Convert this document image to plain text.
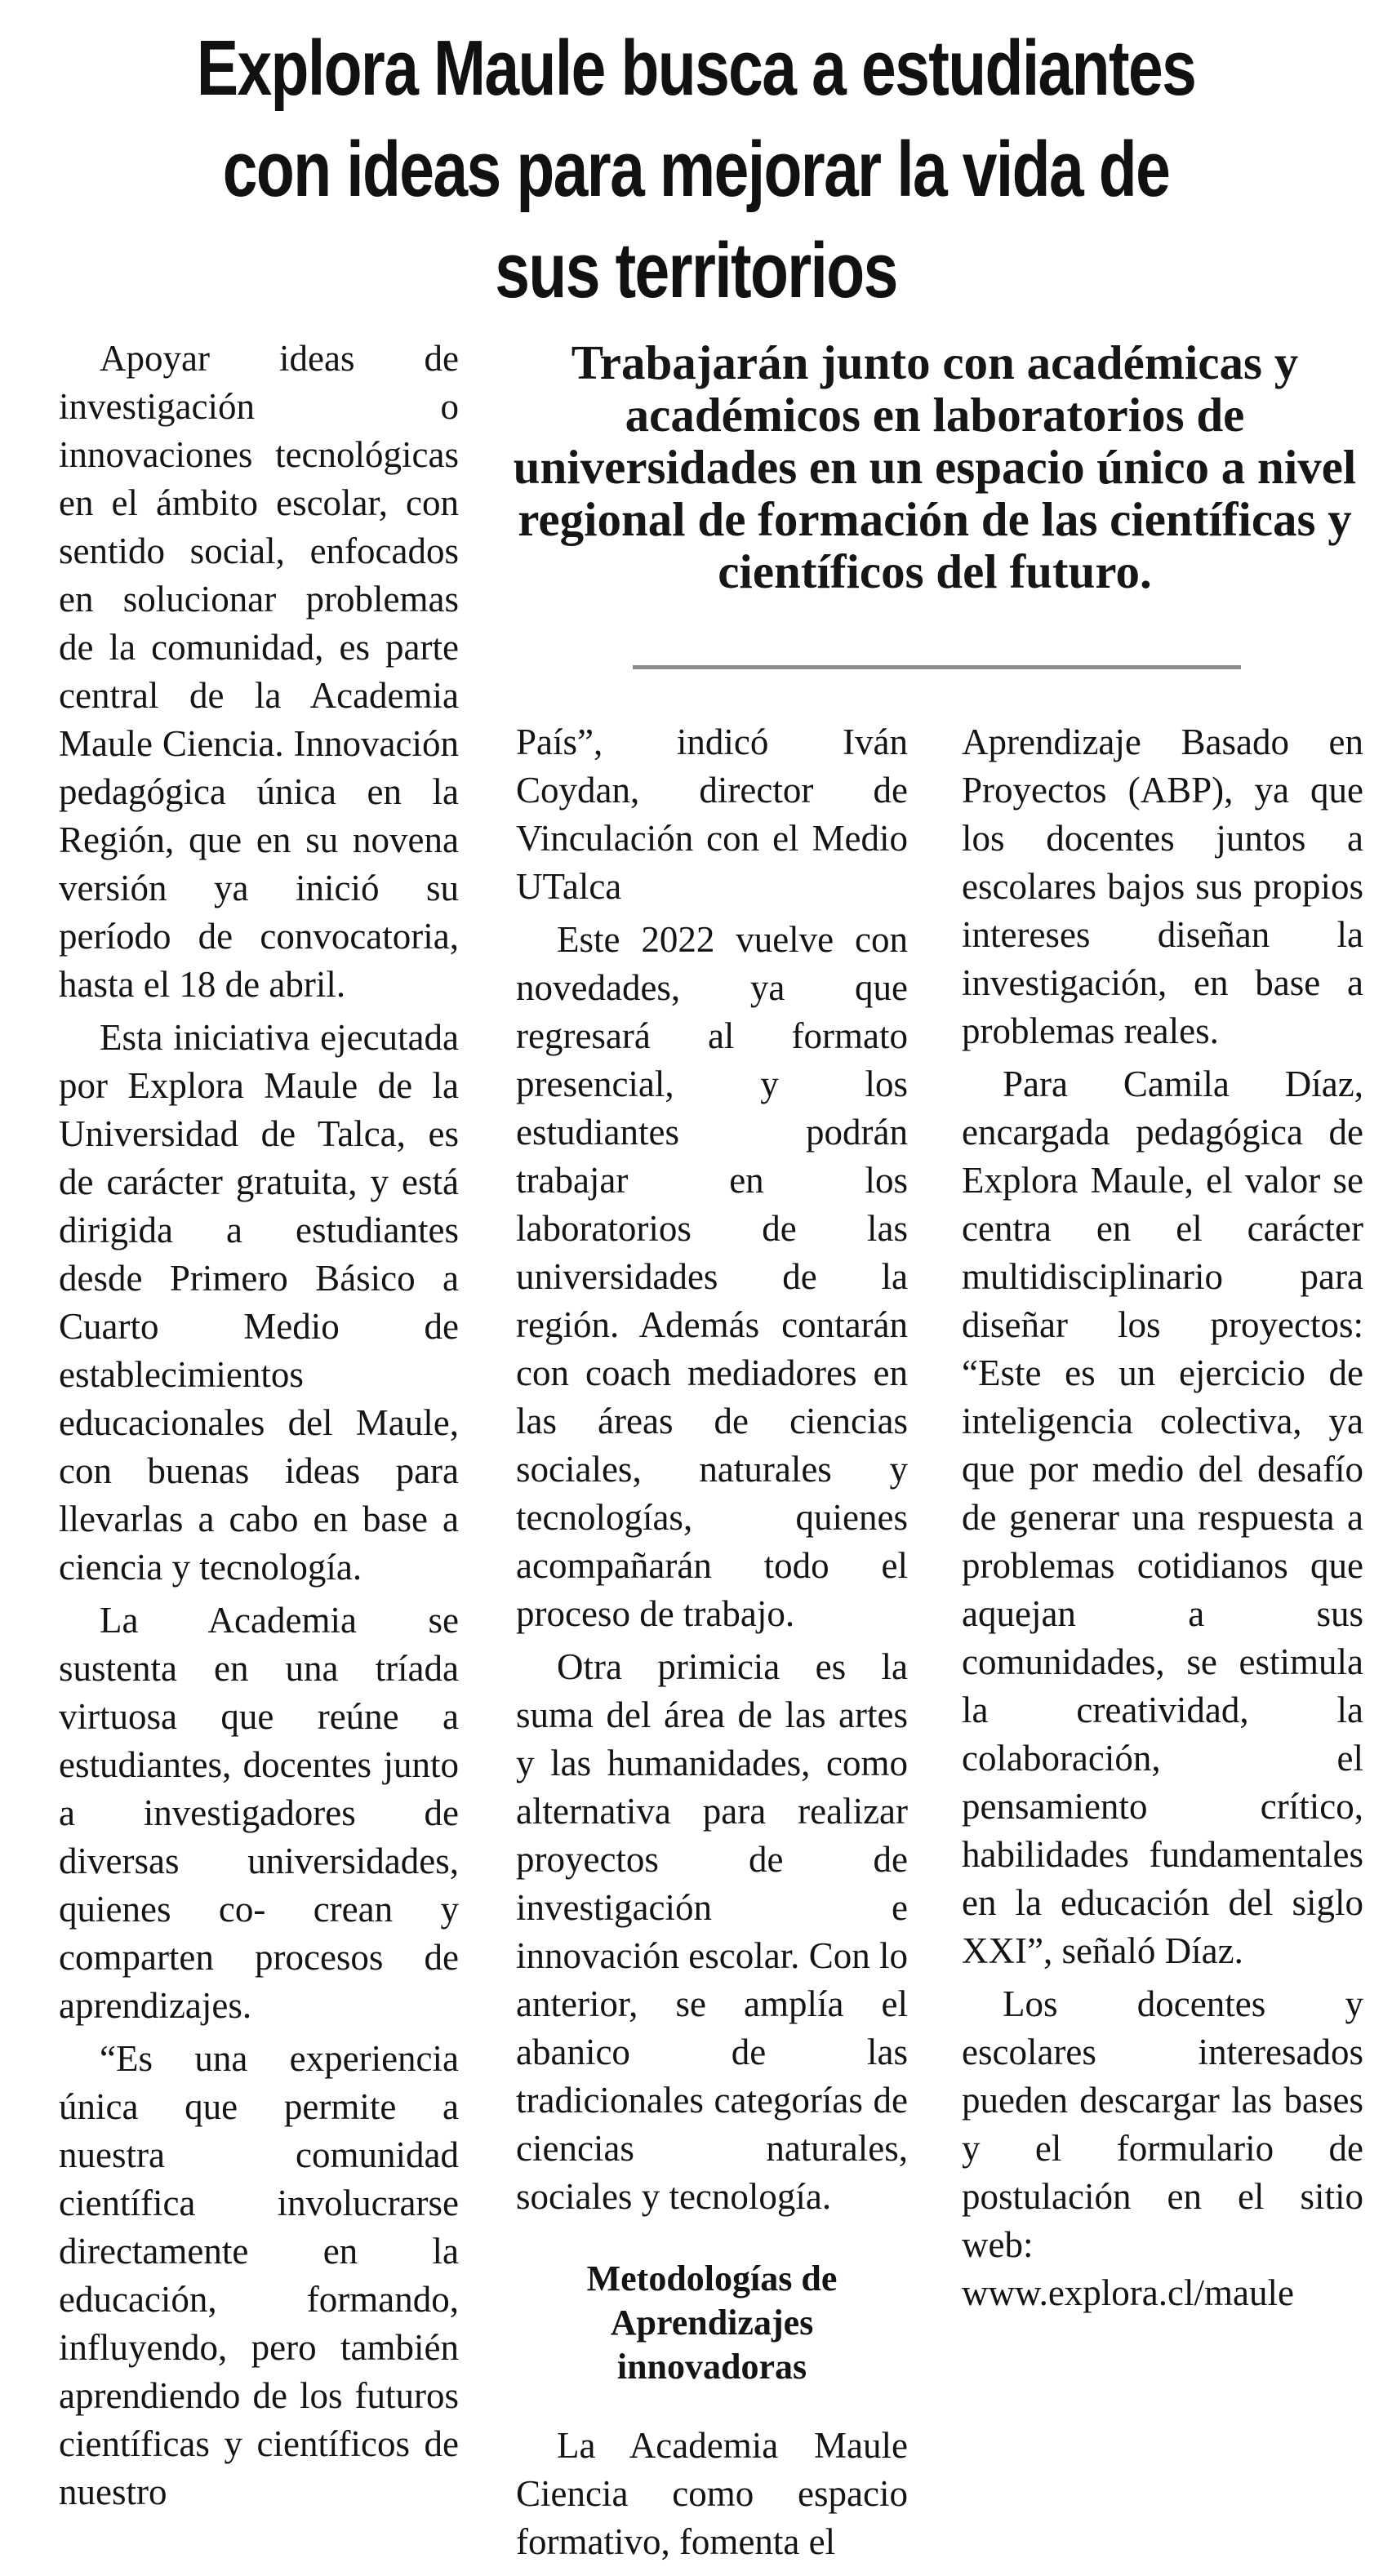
Explora Maule busca a estudiantes con ideas para mejorar la vida de sus territorios

Apoyar ideas de investigación o innovaciones tecnológicas en el ámbito escolar, con sentido social, enfocados en solucionar problemas de la comunidad, es parte central de la Academia Maule Ciencia. Innovación pedagógica única en la Región, que en su novena versión ya inició su período de convocatoria, hasta el 18 de abril.

Esta iniciativa ejecutada por Explora Maule de la Universidad de Talca, es de carácter gratuita, y está dirigida a estudiantes desde Primero Básico a Cuarto Medio de establecimientos educacionales del Maule, con buenas ideas para llevarlas a cabo en base a ciencia y tecnología.

La Academia se sustenta en una tríada virtuosa que reúne a estudiantes, docentes junto a investigadores de diversas universidades, quienes co- crean y comparten procesos de aprendizajes.

“Es una experiencia única que permite a nuestra comunidad científica involucrarse directamente en la educación, formando, influyendo, pero también aprendiendo de los futuros científicas y científicos de nuestro

Trabajarán junto con académicas y académicos en laboratorios de universidades en un espacio único a nivel regional de formación de las científicas y científicos del futuro.

País”, indicó Iván Coydan, director de Vinculación con el Medio UTalca

Este 2022 vuelve con novedades, ya que regresará al formato presencial, y los estudiantes podrán trabajar en los laboratorios de las universidades de la región. Además contarán con coach mediadores en las áreas de ciencias sociales, naturales y tecnologías, quienes acompañarán todo el proceso de trabajo.

Otra primicia es la suma del área de las artes y las humanidades, como alternativa para realizar proyectos de de investigación e innovación escolar. Con lo anterior, se amplía el abanico de las tradicionales categorías de ciencias naturales, sociales y tecnología.

Metodologías de Aprendizajes innovadoras

La Academia Maule Ciencia como espacio formativo, fomenta el

Aprendizaje Basado en Proyectos (ABP), ya que los docentes juntos a escolares bajos sus propios intereses diseñan la investigación, en base a problemas reales.

Para Camila Díaz, encargada pedagógica de Explora Maule, el valor se centra en el carácter multidisciplinario para diseñar los proyectos: “Este es un ejercicio de inteligencia colectiva, ya que por medio del desafío de generar una respuesta a problemas cotidianos que aquejan a sus comunidades, se estimula la creatividad, la colaboración, el pensamiento crítico, habilidades fundamentales en la educación del siglo XXI”, señaló Díaz.

Los docentes y escolares interesados pueden descargar las bases y el formulario de postulación en el sitio web: www.explora.cl/maule
